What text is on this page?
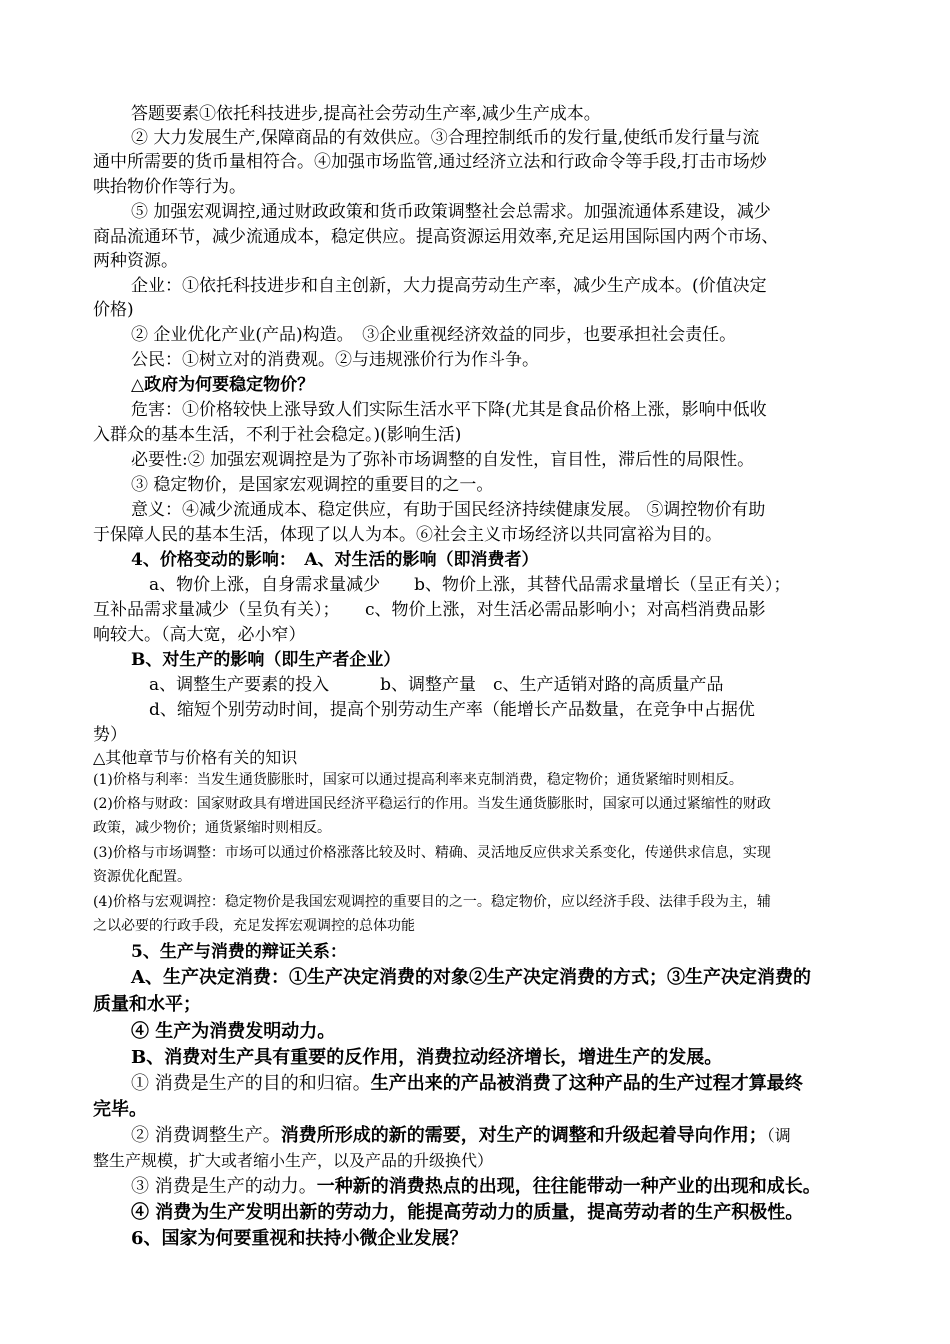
答题要素①依托科技进步,提高社会劳动生产率,减少生产成本。
② 大力发展生产,保障商品的有效供应。③合理控制纸币的发行量,使纸币发行量与流
通中所需要的货币量相符合。④加强市场监管,通过经济立法和行政命令等手段,打击市场炒
哄抬物价作等行为。
⑤ 加强宏观调控,通过财政政策和货币政策调整社会总需求。加强流通体系建设，减少
商品流通环节，减少流通成本，稳定供应。提高资源运用效率,充足运用国际国内两个市场、
两种资源。
企业：①依托科技进步和自主创新，大力提高劳动生产率，减少生产成本。(价值决定
价格)
② 企业优化产业(产品)构造。　③企业重视经济效益的同步，也要承担社会责任。
公民：①树立对的消费观。②与违规涨价行为作斗争。
△政府为何要稳定物价？
危害：①价格较快上涨导致人们实际生活水平下降(尤其是食品价格上涨，影响中低收
入群众的基本生活，不利于社会稳定。)(影响生活)
必要性:② 加强宏观调控是为了弥补市场调整的自发性，盲目性，滞后性的局限性。
③ 稳定物价，是国家宏观调控的重要目的之一。
意义：④减少流通成本、稳定供应，有助于国民经济持续健康发展。 ⑤调控物价有助
于保障人民的基本生活，体现了以人为本。⑥社会主义市场经济以共同富裕为目的。
4、价格变动的影响：　A、对生活的影响（即消费者）
a、物价上涨，自身需求量减少　　b、物价上涨，其替代品需求量增长（呈正有关）；
互补品需求量减少（呈负有关）；　　c、物价上涨，对生活必需品影响小；对高档消费品影
响较大。（高大宽，必小窄）
B、对生产的影响（即生产者企业）
a、调整生产要素的投入　　　b、调整产量　c、生产适销对路的高质量产品
d、缩短个别劳动时间，提高个别劳动生产率（能增长产品数量，在竞争中占据优
势）
△其他章节与价格有关的知识
(1)价格与利率：当发生通货膨胀时，国家可以通过提高利率来克制消费，稳定物价；通货紧缩时则相反。
(2)价格与财政：国家财政具有增进国民经济平稳运行的作用。当发生通货膨胀时，国家可以通过紧缩性的财政
政策，减少物价；通货紧缩时则相反。
(3)价格与市场调整：市场可以通过价格涨落比较及时、精确、灵活地反应供求关系变化，传递供求信息，实现
资源优化配置。
(4)价格与宏观调控：稳定物价是我国宏观调控的重要目的之一。稳定物价，应以经济手段、法律手段为主，辅
之以必要的行政手段，充足发挥宏观调控的总体功能
5、生产与消费的辩证关系：
A、生产决定消费：①生产决定消费的对象②生产决定消费的方式；③生产决定消费的
质量和水平；
④ 生产为消费发明动力。
B、消费对生产具有重要的反作用，消费拉动经济增长，增进生产的发展。
① 消费是生产的目的和归宿。生产出来的产品被消费了这种产品的生产过程才算最终
完毕。
② 消费调整生产。消费所形成的新的需要，对生产的调整和升级起着导向作用；（调
整生产规模，扩大或者缩小生产，以及产品的升级换代）
③ 消费是生产的动力。一种新的消费热点的出现，往往能带动一种产业的出现和成长。
④ 消费为生产发明出新的劳动力，能提高劳动力的质量，提高劳动者的生产积极性。
6、国家为何要重视和扶持小微企业发展？
